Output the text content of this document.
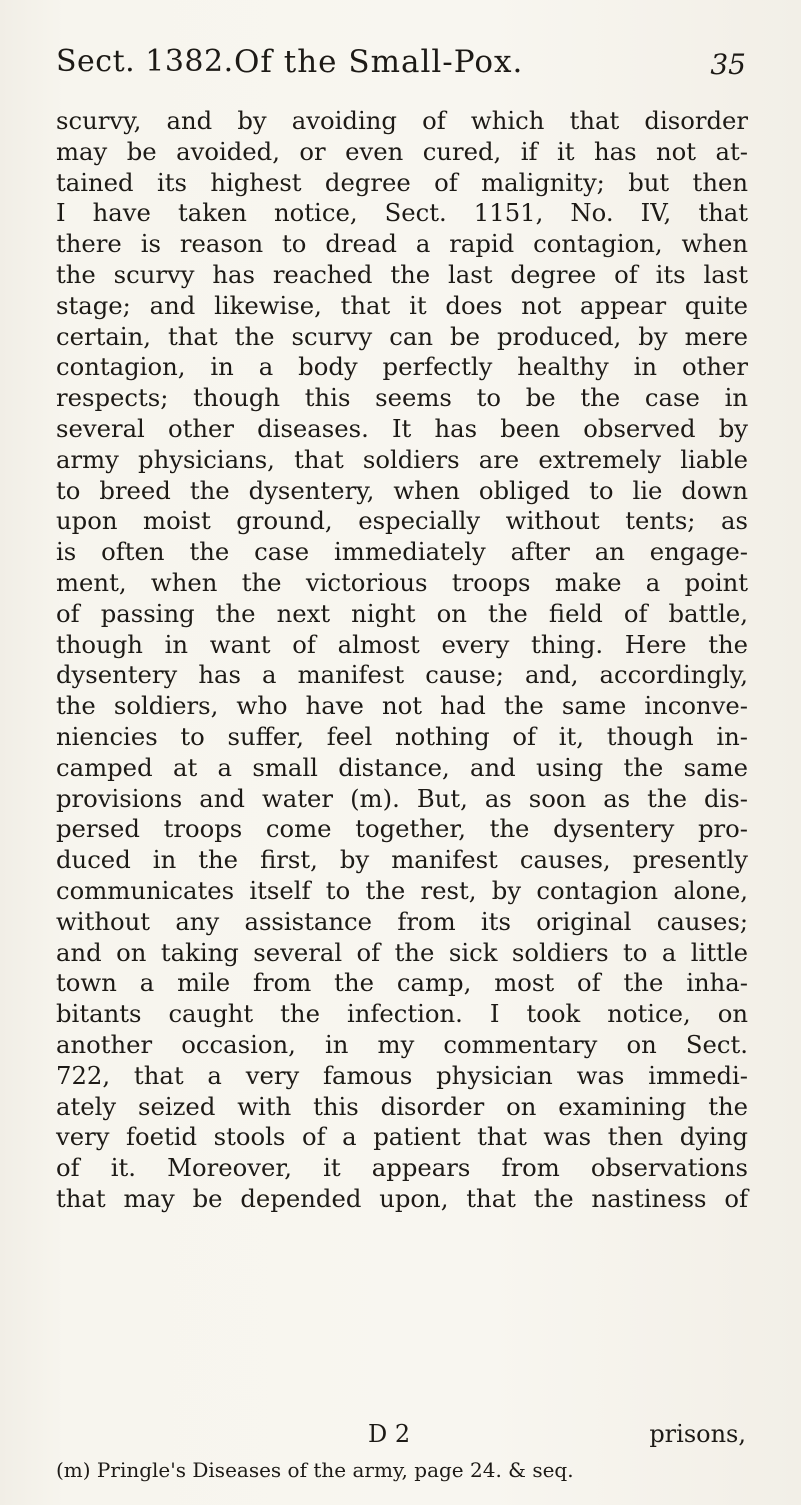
Sect. 1382. Of the Small-Pox.	35
scurvy, and by avoiding of which that disorder
may be avoided, or even cured, if it has not at-
tained its highest degree of malignity; but then
I have taken notice, Sect. 1151, No. IV, that
there is reason to dread a rapid contagion, when
the scurvy has reached the last degree of its last
stage; and likewise, that it does not appear quite
certain, that the scurvy can be produced, by mere
contagion, in a body perfectly healthy in other
respects; though this seems to be the case in
several other diseases. It has been observed by
army physicians, that soldiers are extremely liable
to breed the dysentery, when obliged to lie down
upon moist ground, especially without tents; as
is often the case immediately after an engage-
ment, when the victorious troops make a point
of passing the next night on the field of battle,
though in want of almost every thing. Here the
dysentery has a manifest cause; and, accordingly,
the soldiers, who have not had the same inconve-
niencies to suffer, feel nothing of it, though in-
camped at a small distance, and using the same
provisions and water (m). But, as soon as the dis-
persed troops come together, the dysentery pro-
duced in the first, by manifest causes, presently
communicates itself to the rest, by contagion alone,
without any assistance from its original causes;
and on taking several of the sick soldiers to a little
town a mile from the camp, most of the inha-
bitants caught the infection. I took notice, on
another occasion, in my commentary on Sect.
722, that a very famous physician was immedi-
ately seized with this disorder on examining the
very foetid stools of a patient that was then dying
of it. Moreover, it appears from observations
that may be depended upon, that the nastiness of
D 2	prisons,
(m) Pringle's Diseases of the army, page 24. & seq.
